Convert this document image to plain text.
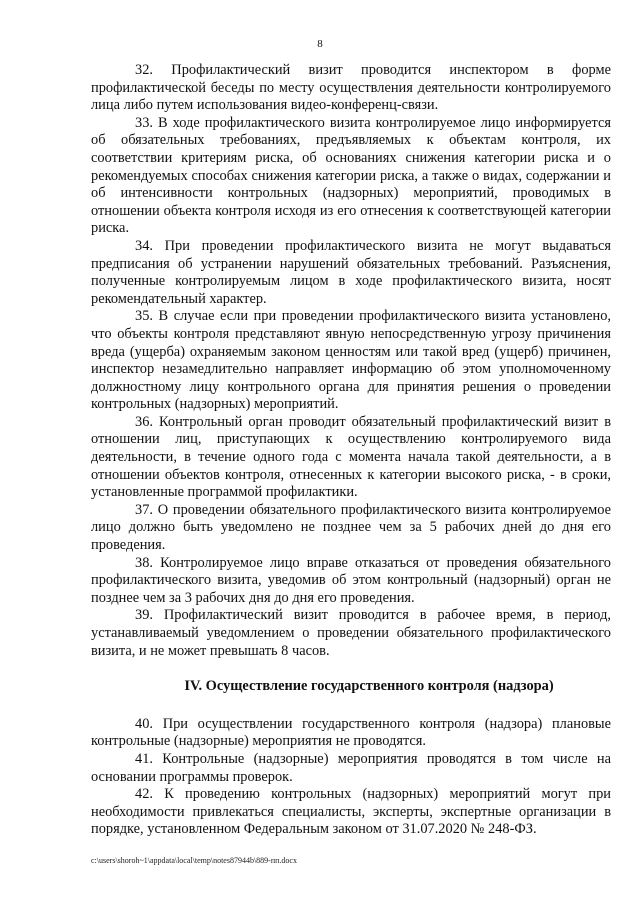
8

32. Профилактический визит проводится инспектором в форме профилактической беседы по месту осуществления деятельности контролируемого лица либо путем использования видео-конференц-связи.

33. В ходе профилактического визита контролируемое лицо информируется об обязательных требованиях, предъявляемых к объектам контроля, их соответствии критериям риска, об основаниях снижения категории риска и о рекомендуемых способах снижения категории риска, а также о видах, содержании и об интенсивности контрольных (надзорных) мероприятий, проводимых в отношении объекта контроля исходя из его отнесения к соответствующей категории риска.

34. При проведении профилактического визита не могут выдаваться предписания об устранении нарушений обязательных требований. Разъяснения, полученные контролируемым лицом в ходе профилактического визита, носят рекомендательный характер.

35. В случае если при проведении профилактического визита установлено, что объекты контроля представляют явную непосредственную угрозу причинения вреда (ущерба) охраняемым законом ценностям или такой вред (ущерб) причинен, инспектор незамедлительно направляет информацию об этом уполномоченному должностному лицу контрольного органа для принятия решения о проведении контрольных (надзорных) мероприятий.

36. Контрольный орган проводит обязательный профилактический визит в отношении лиц, приступающих к осуществлению контролируемого вида деятельности, в течение одного года с момента начала такой деятельности, а в отношении объектов контроля, отнесенных к категории высокого риска, - в сроки, установленные программой профилактики.

37. О проведении обязательного профилактического визита контролируемое лицо должно быть уведомлено не позднее чем за 5 рабочих дней до дня его проведения.

38. Контролируемое лицо вправе отказаться от проведения обязательного профилактического визита, уведомив об этом контрольный (надзорный) орган не позднее чем за 3 рабочих дня до дня его проведения.

39. Профилактический визит проводится в рабочее время, в период, устанавливаемый уведомлением о проведении обязательного профилактического визита, и не может превышать 8 часов.

IV. Осуществление государственного контроля (надзора)

40. При осуществлении государственного контроля (надзора) плановые контрольные (надзорные) мероприятия не проводятся.

41. Контрольные (надзорные) мероприятия проводятся в том числе на основании программы проверок.

42. К проведению контрольных (надзорных) мероприятий могут при необходимости привлекаться специалисты, эксперты, экспертные организации в порядке, установленном Федеральным законом от 31.07.2020 № 248-ФЗ.

c:\users\shoroh~1\appdata\local\temp\notes87944b\889-пп.docx
